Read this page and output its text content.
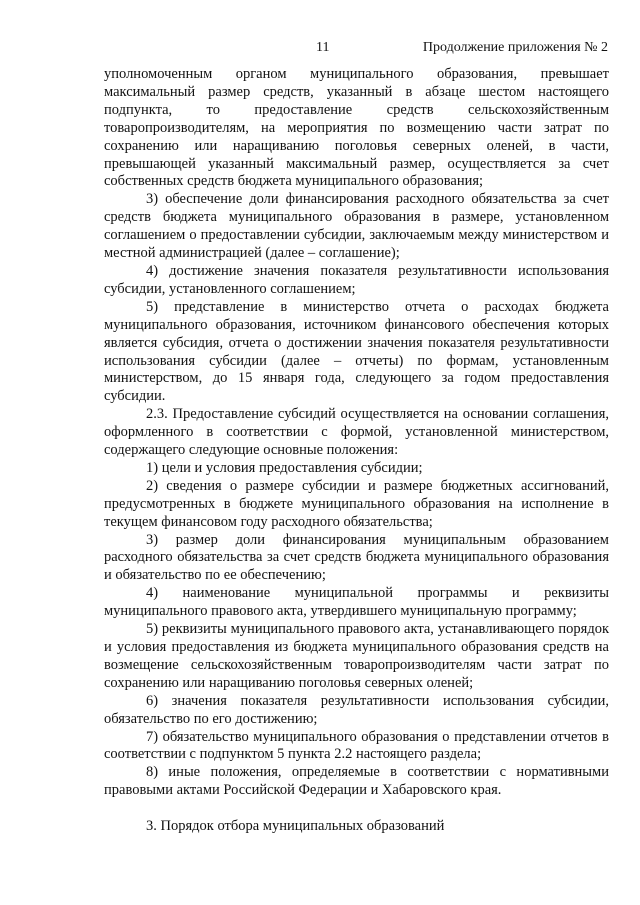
11	Продолжение приложения № 2

уполномоченным органом муниципального образования, превышает максимальный размер средств, указанный в абзаце шестом настоящего подпункта, то предоставление средств сельскохозяйственным товаропроизводителям, на мероприятия по возмещению части затрат по сохранению или наращиванию поголовья северных оленей, в части, превышающей указанный максимальный размер, осуществляется за счет собственных средств бюджета муниципального образования;

3) обеспечение доли финансирования расходного обязательства за счет средств бюджета муниципального образования в размере, установленном соглашением о предоставлении субсидии, заключаемым между министерством и местной администрацией (далее – соглашение);

4) достижение значения показателя результативности использования субсидии, установленного соглашением;

5) представление в министерство отчета о расходах бюджета муниципального образования, источником финансового обеспечения которых является субсидия, отчета о достижении значения показателя результативности использования субсидии (далее – отчеты) по формам, установленным министерством, до 15 января года, следующего за годом предоставления субсидии.

2.3. Предоставление субсидий осуществляется на основании соглашения, оформленного в соответствии с формой, установленной министерством, содержащего следующие основные положения:

1) цели и условия предоставления субсидии;

2) сведения о размере субсидии и размере бюджетных ассигнований, предусмотренных в бюджете муниципального образования на исполнение в текущем финансовом году расходного обязательства;

3) размер доли финансирования муниципальным образованием расходного обязательства за счет средств бюджета муниципального образования и обязательство по ее обеспечению;

4) наименование муниципальной программы и реквизиты муниципального правового акта, утвердившего муниципальную программу;

5) реквизиты муниципального правового акта, устанавливающего порядок и условия предоставления из бюджета муниципального образования средств на возмещение сельскохозяйственным товаропроизводителям части затрат по сохранению или наращиванию поголовья северных оленей;

6) значения показателя результативности использования субсидии, обязательство по его достижению;

7) обязательство муниципального образования о представлении отчетов в соответствии с подпунктом 5 пункта 2.2 настоящего раздела;

8) иные положения, определяемые в соответствии с нормативными правовыми актами Российской Федерации и Хабаровского края.

3. Порядок отбора муниципальных образований
